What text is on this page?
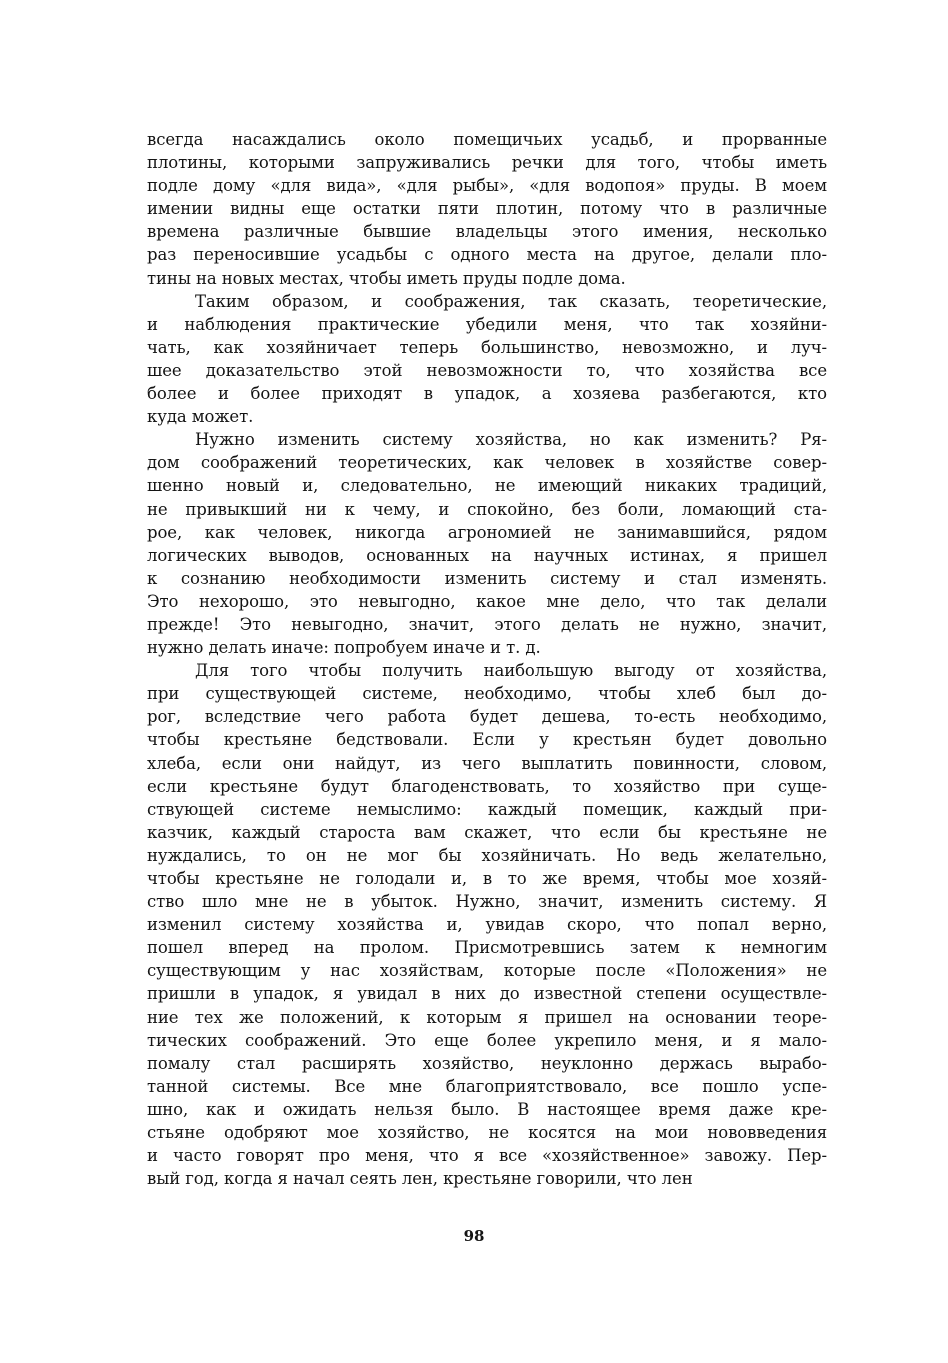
всегда насаждались около помещичьих усадьб, и прорванные
плотины, которыми запруживались речки для того, чтобы иметь
подле дому «для вида», «для рыбы», «для водопоя» пруды. В моем
имении видны еще остатки пяти плотин, потому что в различные
времена различные бывшие владельцы этого имения, несколько
раз переносившие усадьбы с одного места на другое, делали пло-
тины на новых местах, чтобы иметь пруды подле дома.
Таким образом, и соображения, так сказать, теоретические,
и наблюдения практические убедили меня, что так хозяйни-
чать, как хозяйничает теперь большинство, невозможно, и луч-
шее доказательство этой невозможности то, что хозяйства все
более и более приходят в упадок, а хозяева разбегаются, кто
куда может.
Нужно изменить систему хозяйства, но как изменить? Ря-
дом соображений теоретических, как человек в хозяйстве совер-
шенно новый и, следовательно, не имеющий никаких традиций,
не привыкший ни к чему, и спокойно, без боли, ломающий ста-
рое, как человек, никогда агрономией не занимавшийся, рядом
логических выводов, основанных на научных истинах, я пришел
к сознанию необходимости изменить систему и стал изменять.
Это нехорошо, это невыгодно, какое мне дело, что так делали
прежде! Это невыгодно, значит, этого делать не нужно, значит,
нужно делать иначе: попробуем иначе и т. д.
Для того чтобы получить наибольшую выгоду от хозяйства,
при существующей системе, необходимо, чтобы хлеб был до-
рог, вследствие чего работа будет дешева, то-есть необходимо,
чтобы крестьяне бедствовали. Если у крестьян будет довольно
хлеба, если они найдут, из чего выплатить повинности, словом,
если крестьяне будут благоденствовать, то хозяйство при суще-
ствующей системе немыслимо: каждый помещик, каждый при-
казчик, каждый староста вам скажет, что если бы крестьяне не
нуждались, то он не мог бы хозяйничать. Но ведь желательно,
чтобы крестьяне не голодали и, в то же время, чтобы мое хозяй-
ство шло мне не в убыток. Нужно, значит, изменить систему. Я
изменил систему хозяйства и, увидав скоро, что попал верно,
пошел вперед на пролом. Присмотревшись затем к немногим
существующим у нас хозяйствам, которые после «Положения» не
пришли в упадок, я увидал в них до известной степени осуществле-
ние тех же положений, к которым я пришел на основании теоре-
тических соображений. Это еще более укрепило меня, и я мало-
помалу стал расширять хозяйство, неуклонно держась вырабо-
танной системы. Все мне благоприятствовало, все пошло успе-
шно, как и ожидать нельзя было. В настоящее время даже кре-
стьяне одобряют мое хозяйство, не косятся на мои нововведения
и часто говорят про меня, что я все «хозяйственное» завожу. Пер-
вый год, когда я начал сеять лен, крестьяне говорили, что лен
98
